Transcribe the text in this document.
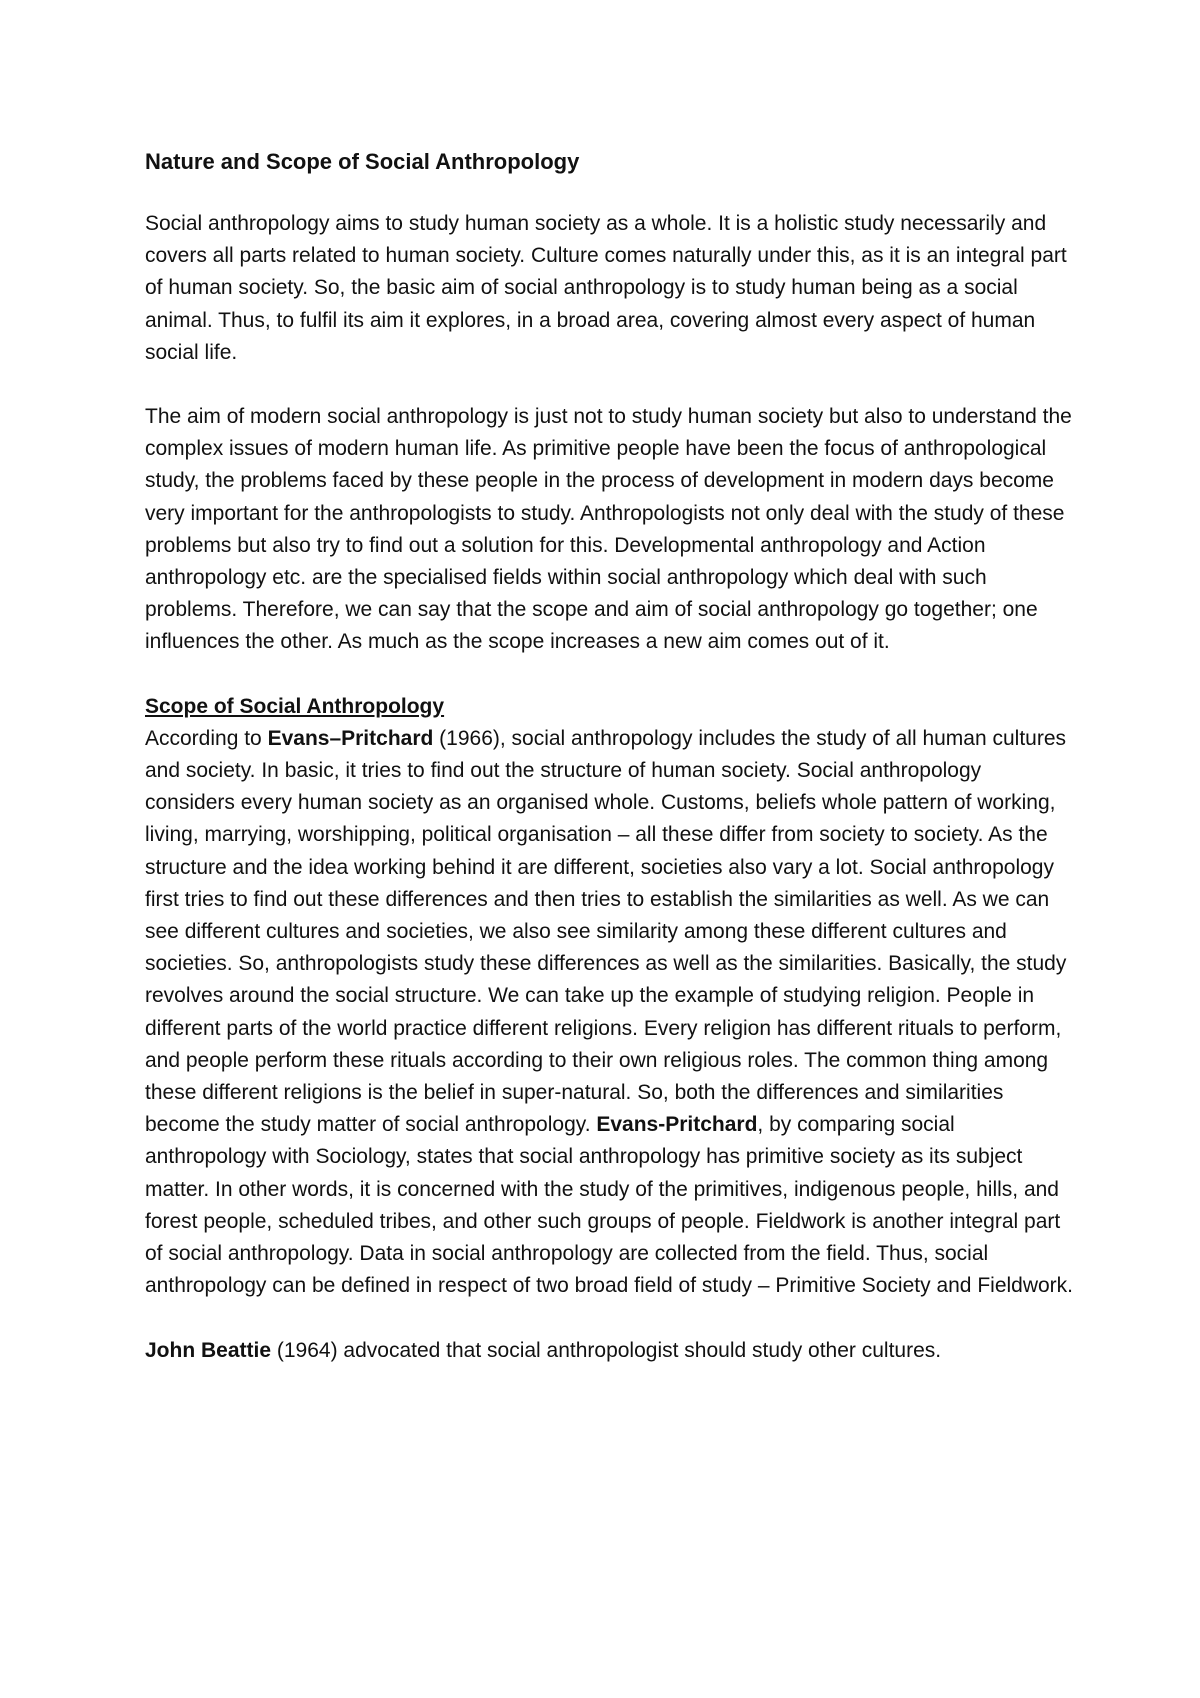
Nature and Scope of Social Anthropology

Social anthropology aims to study human society as a whole. It is a holistic study necessarily and covers all parts related to human society. Culture comes naturally under this, as it is an integral part of human society. So, the basic aim of social anthropology is to study human being as a social animal. Thus, to fulfil its aim it explores, in a broad area, covering almost every aspect of human social life.

The aim of modern social anthropology is just not to study human society but also to understand the complex issues of modern human life. As primitive people have been the focus of anthropological study, the problems faced by these people in the process of development in modern days become very important for the anthropologists to study. Anthropologists not only deal with the study of these problems but also try to find out a solution for this. Developmental anthropology and Action anthropology etc. are the specialised fields within social anthropology which deal with such problems. Therefore, we can say that the scope and aim of social anthropology go together; one influences the other. As much as the scope increases a new aim comes out of it.

Scope of Social Anthropology

According to Evans–Pritchard (1966), social anthropology includes the study of all human cultures and society. In basic, it tries to find out the structure of human society. Social anthropology considers every human society as an organised whole. Customs, beliefs whole pattern of working, living, marrying, worshipping, political organisation – all these differ from society to society. As the structure and the idea working behind it are different, societies also vary a lot. Social anthropology first tries to find out these differences and then tries to establish the similarities as well. As we can see different cultures and societies, we also see similarity among these different cultures and societies. So, anthropologists study these differences as well as the similarities. Basically, the study revolves around the social structure. We can take up the example of studying religion. People in different parts of the world practice different religions. Every religion has different rituals to perform, and people perform these rituals according to their own religious roles. The common thing among these different religions is the belief in super-natural. So, both the differences and similarities become the study matter of social anthropology. Evans-Pritchard, by comparing social anthropology with Sociology, states that social anthropology has primitive society as its subject matter. In other words, it is concerned with the study of the primitives, indigenous people, hills, and forest people, scheduled tribes, and other such groups of people. Fieldwork is another integral part of social anthropology. Data in social anthropology are collected from the field. Thus, social anthropology can be defined in respect of two broad field of study – Primitive Society and Fieldwork.

John Beattie (1964) advocated that social anthropologist should study other cultures.
